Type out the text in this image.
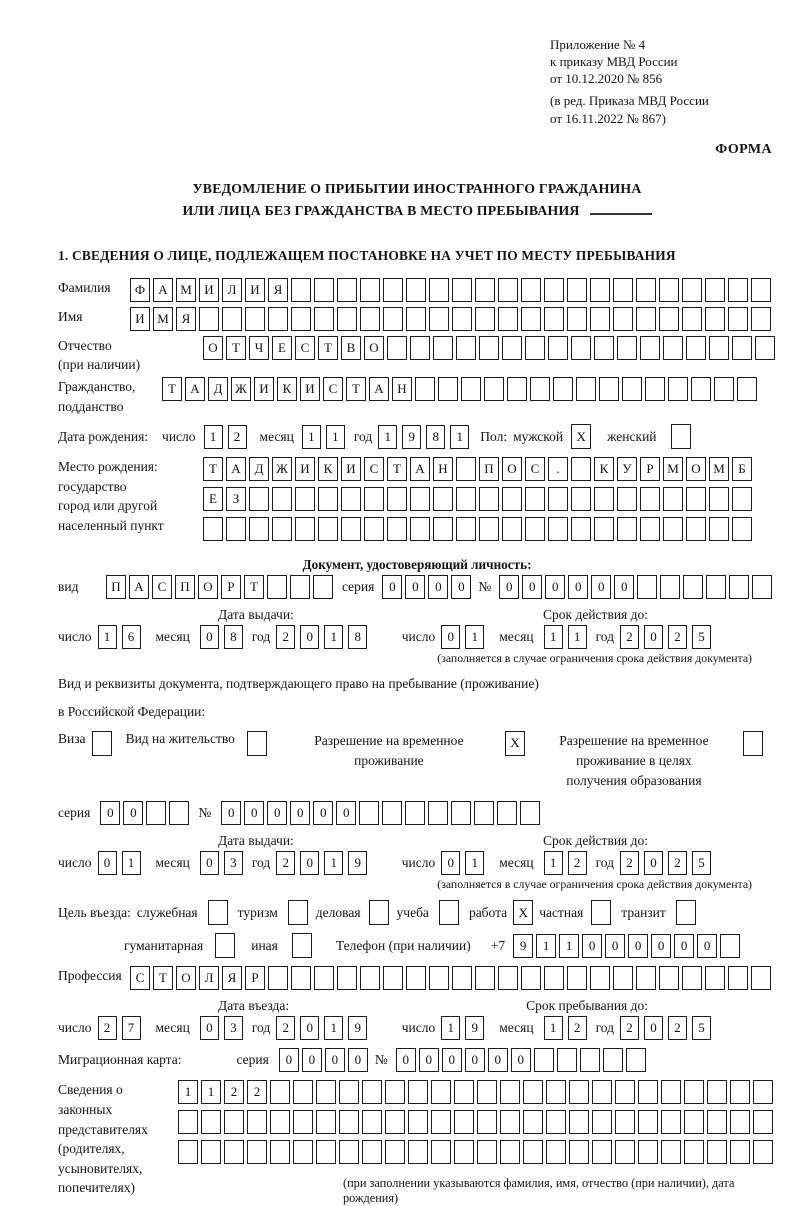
Приложение № 4
к приказу МВД России
от 10.12.2020 № 856
(в ред. Приказа МВД России
от 16.11.2022 № 867)
ФОРМА
УВЕДОМЛЕНИЕ О ПРИБЫТИИ ИНОСТРАННОГО ГРАЖДАНИНА
ИЛИ ЛИЦА БЕЗ ГРАЖДАНСТВА В МЕСТО ПРЕБЫВАНИЯ
1. СВЕДЕНИЯ О ЛИЦЕ, ПОДЛЕЖАЩЕМ ПОСТАНОВКЕ НА УЧЕТ ПО МЕСТУ ПРЕБЫВАНИЯ
Фамилия	Ф	А М И	Л	И	Я
Имя	И М Я
Отчество
(при наличии)
О	Т	Ч	Е	С	Т	В	О
Гражданство,
подданство
Т	А	Д Ж И	К	И	С	Т	А	Н
Дата рождения: число	1	2	месяц	1	1	год 1	9	8	1	Пол: мужской	X	женский
Место рождения:
государство
город или другой
населенный пункт
Т	А	Д Ж И	К	И	С	Т	А	Н	П	О	С	.	К	У	Р	М О М	Б
Е	З
Документ, удостоверяющий личность:
вид	П	А	С	П	О	Р	Т	серия	0	0	0	0	№	0	0	0	0	0	0
Дата выдачи:	Срок действия до:
число 1	6	месяц	0	8	год 2	0	1	8	число 0	1	месяц	1	1	год 2	0	2	5
(заполняется в случае ограничения срока действия документа)
Вид и реквизиты документа, подтверждающего право на пребывание (проживание)
в Российской Федерации:
Виза	Вид на жительство	Разрешение на временное
проживание
X	Разрешение на временное
проживание в целях
получения образования
серия	0	0	№	0	0	0	0	0	0
Дата выдачи:	Срок действия до:
число 0	1	месяц	0	3	год 2	0	1	9	число 0	1	месяц	1	2	год 2	0	2	5
(заполняется в случае ограничения срока действия документа)
Цель въезда: служебная	туризм	деловая	учеба	работа X частная	транзит
гуманитарная	иная	Телефон (при наличии) +7	9	1	1	0	0	0	0	0	0
Профессия	С	Т	О	Л	Я	Р
Дата въезда:	Срок пребывания до:
число 2	7	месяц	0	3	год 2	0	1	9	число 1	9	месяц	1	2	год 2	0	2	5
Миграционная карта:	серия	0	0	0	0	№	0	0	0	0	0	0
Сведения о
законных
представителях
(родителях,
усыновителях,
попечителях)
1	1	2	2
(при заполнении указываются фамилия, имя, отчество (при наличии), дата рождения)
